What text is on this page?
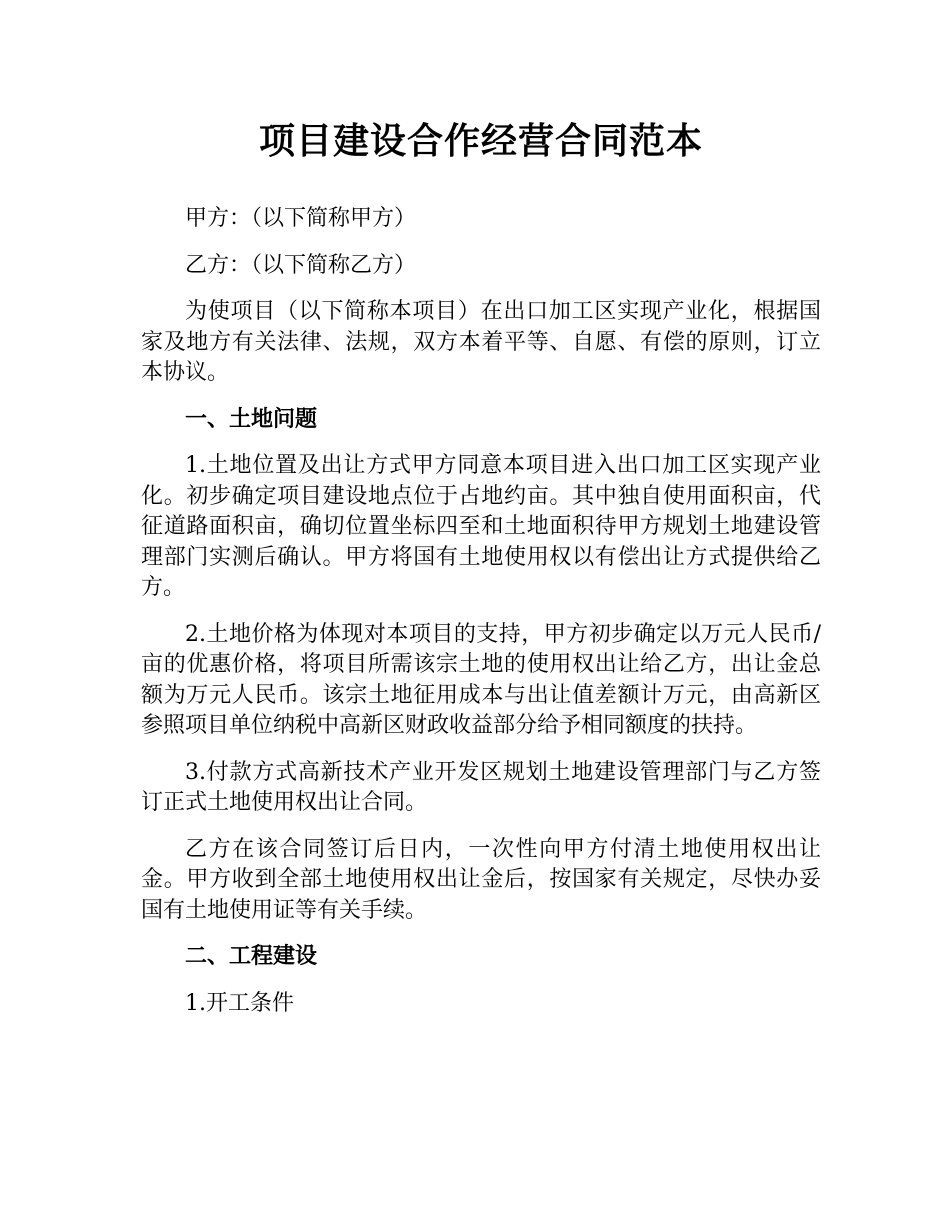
项目建设合作经营合同范本

甲方：（以下简称甲方）

乙方：（以下简称乙方）

为使项目（以下简称本项目）在出口加工区实现产业化，根据国家及地方有关法律、法规，双方本着平等、自愿、有偿的原则，订立本协议。

一、土地问题

1.土地位置及出让方式甲方同意本项目进入出口加工区实现产业化。初步确定项目建设地点位于占地约亩。其中独自使用面积亩，代征道路面积亩，确切位置坐标四至和土地面积待甲方规划土地建设管理部门实测后确认。甲方将国有土地使用权以有偿出让方式提供给乙方。

2.土地价格为体现对本项目的支持，甲方初步确定以万元人民币/亩的优惠价格，将项目所需该宗土地的使用权出让给乙方，出让金总额为万元人民币。该宗土地征用成本与出让值差额计万元，由高新区参照项目单位纳税中高新区财政收益部分给予相同额度的扶持。

3.付款方式高新技术产业开发区规划土地建设管理部门与乙方签订正式土地使用权出让合同。

乙方在该合同签订后日内，一次性向甲方付清土地使用权出让金。甲方收到全部土地使用权出让金后，按国家有关规定，尽快办妥国有土地使用证等有关手续。

二、工程建设

1.开工条件
